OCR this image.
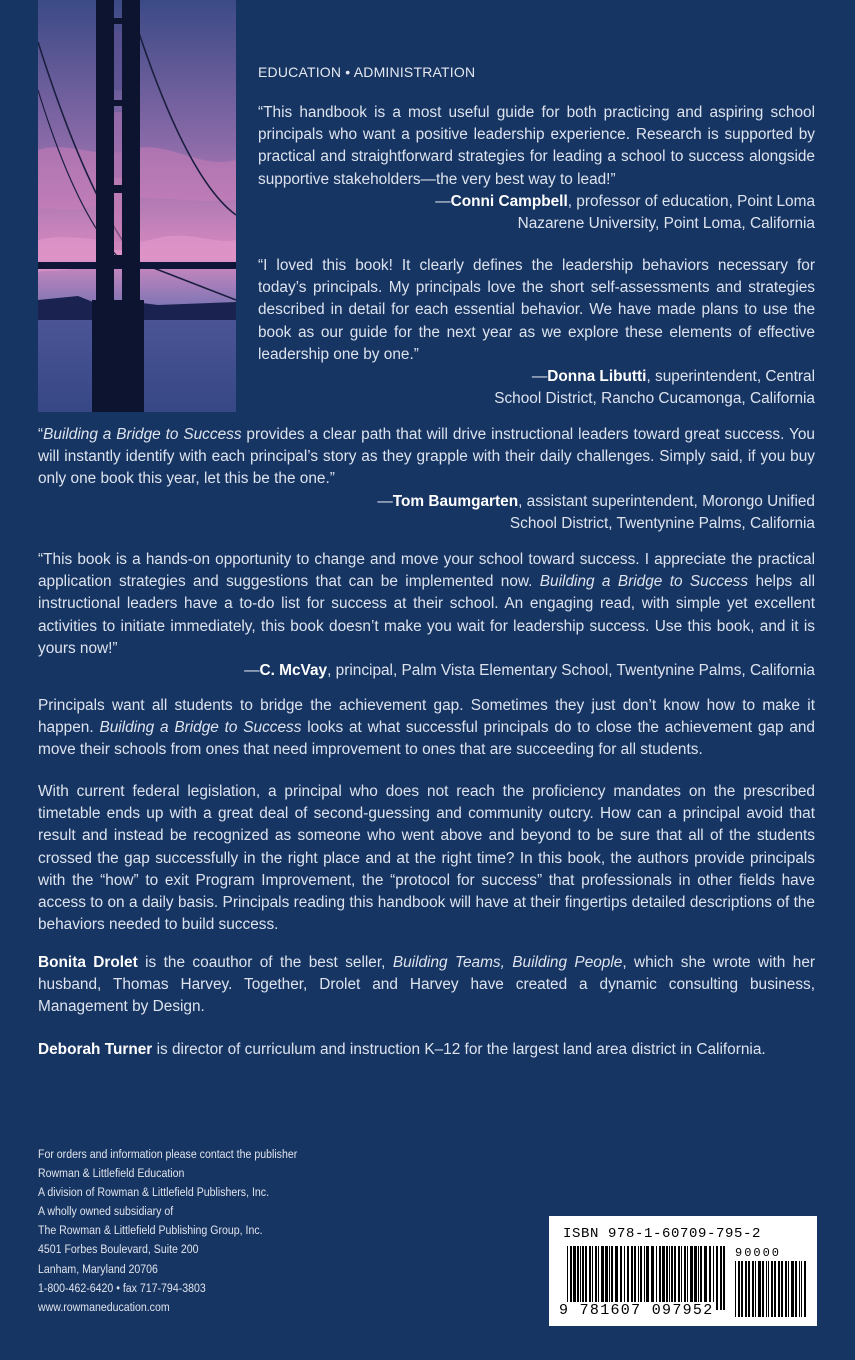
EDUCATION • ADMINISTRATION

“This handbook is a most useful guide for both practicing and aspiring school principals who want a positive leadership experience. Research is supported by practical and straightforward strategies for leading a school to success alongside supportive stakeholders—the very best way to lead!”

—Conni Campbell, professor of education, Point Loma

Nazarene University, Point Loma, California

“I loved this book! It clearly defines the leadership behaviors necessary for today’s principals. My principals love the short self-assessments and strategies described in detail for each essential behavior. We have made plans to use the book as our guide for the next year as we explore these elements of effective leadership one by one.”

—Donna Libutti, superintendent, Central

School District, Rancho Cucamonga, California

“Building a Bridge to Success provides a clear path that will drive instructional leaders toward great success. You will instantly identify with each principal’s story as they grapple with their daily challenges. Simply said, if you buy only one book this year, let this be the one.”

—Tom Baumgarten, assistant superintendent, Morongo Unified

School District, Twentynine Palms, California

“This book is a hands-on opportunity to change and move your school toward success. I appreciate the practical application strategies and suggestions that can be implemented now. Building a Bridge to Success helps all instructional leaders have a to-do list for success at their school. An engaging read, with simple yet excellent activities to initiate immediately, this book doesn’t make you wait for leadership success. Use this book, and it is yours now!”

—C. McVay, principal, Palm Vista Elementary School, Twentynine Palms, California

Principals want all students to bridge the achievement gap. Sometimes they just don’t know how to make it happen. Building a Bridge to Success looks at what successful principals do to close the achievement gap and move their schools from ones that need improvement to ones that are succeeding for all students.

With current federal legislation, a principal who does not reach the proficiency mandates on the prescribed timetable ends up with a great deal of second-guessing and community outcry. How can a principal avoid that result and instead be recognized as someone who went above and beyond to be sure that all of the students crossed the gap successfully in the right place and at the right time? In this book, the authors provide principals with the “how” to exit Program Improvement, the “protocol for success” that professionals in other fields have access to on a daily basis. Principals reading this handbook will have at their fingertips detailed descriptions of the behaviors needed to build success.

Bonita Drolet is the coauthor of the best seller, Building Teams, Building People, which she wrote with her husband, Thomas Harvey. Together, Drolet and Harvey have created a dynamic consulting business, Management by Design.

Deborah Turner is director of curriculum and instruction K–12 for the largest land area district in California.

For orders and information please contact the publisher
Rowman & Littlefield Education
A division of Rowman & Littlefield Publishers, Inc.
A wholly owned subsidiary of
The Rowman & Littlefield Publishing Group, Inc.
4501 Forbes Boulevard, Suite 200
Lanham, Maryland 20706
1-800-462-6420 • fax 717-794-3803
www.rowmaneducation.com
ISBN 978-1-60709-795-2
90000
9 781607 097952
